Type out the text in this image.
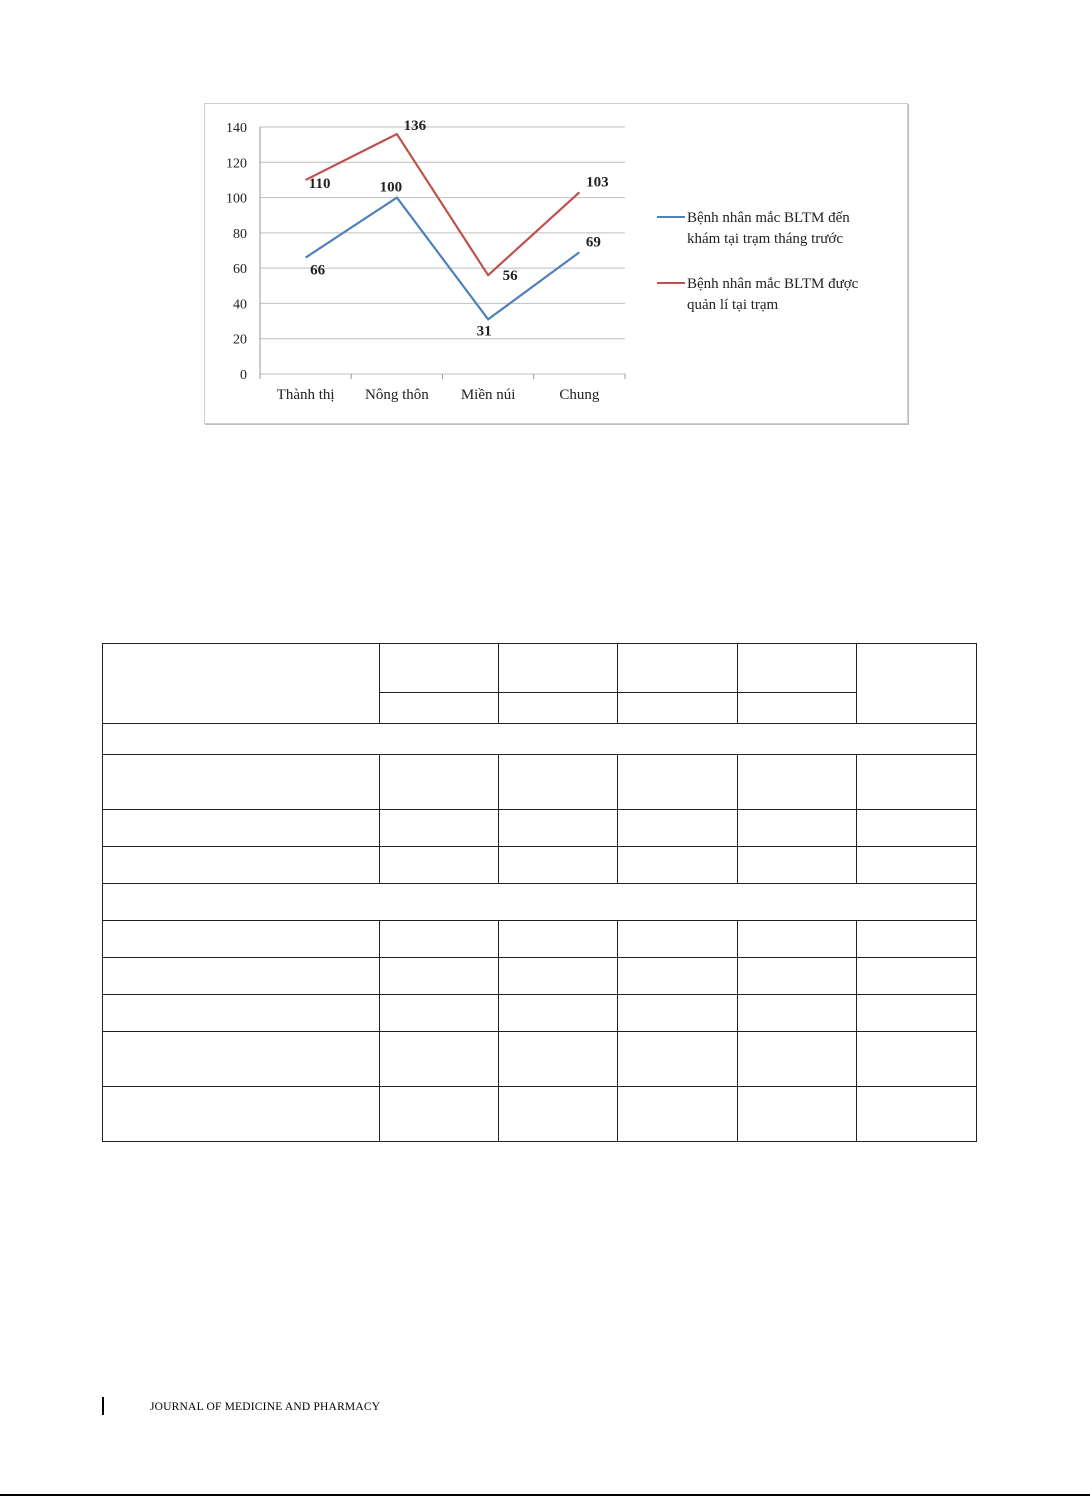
0
20
40
60
80
100
120
140
Thành thị Nông thôn Miền núi	Chung
66
100
31
69
110
136
56
103
Bệnh nhân mắc BLTM đến
khám tại trạm tháng trước
Bệnh nhân mắc BLTM được
quản lí tại trạm

JOURNAL OF MEDICINE AND PHARMACY
